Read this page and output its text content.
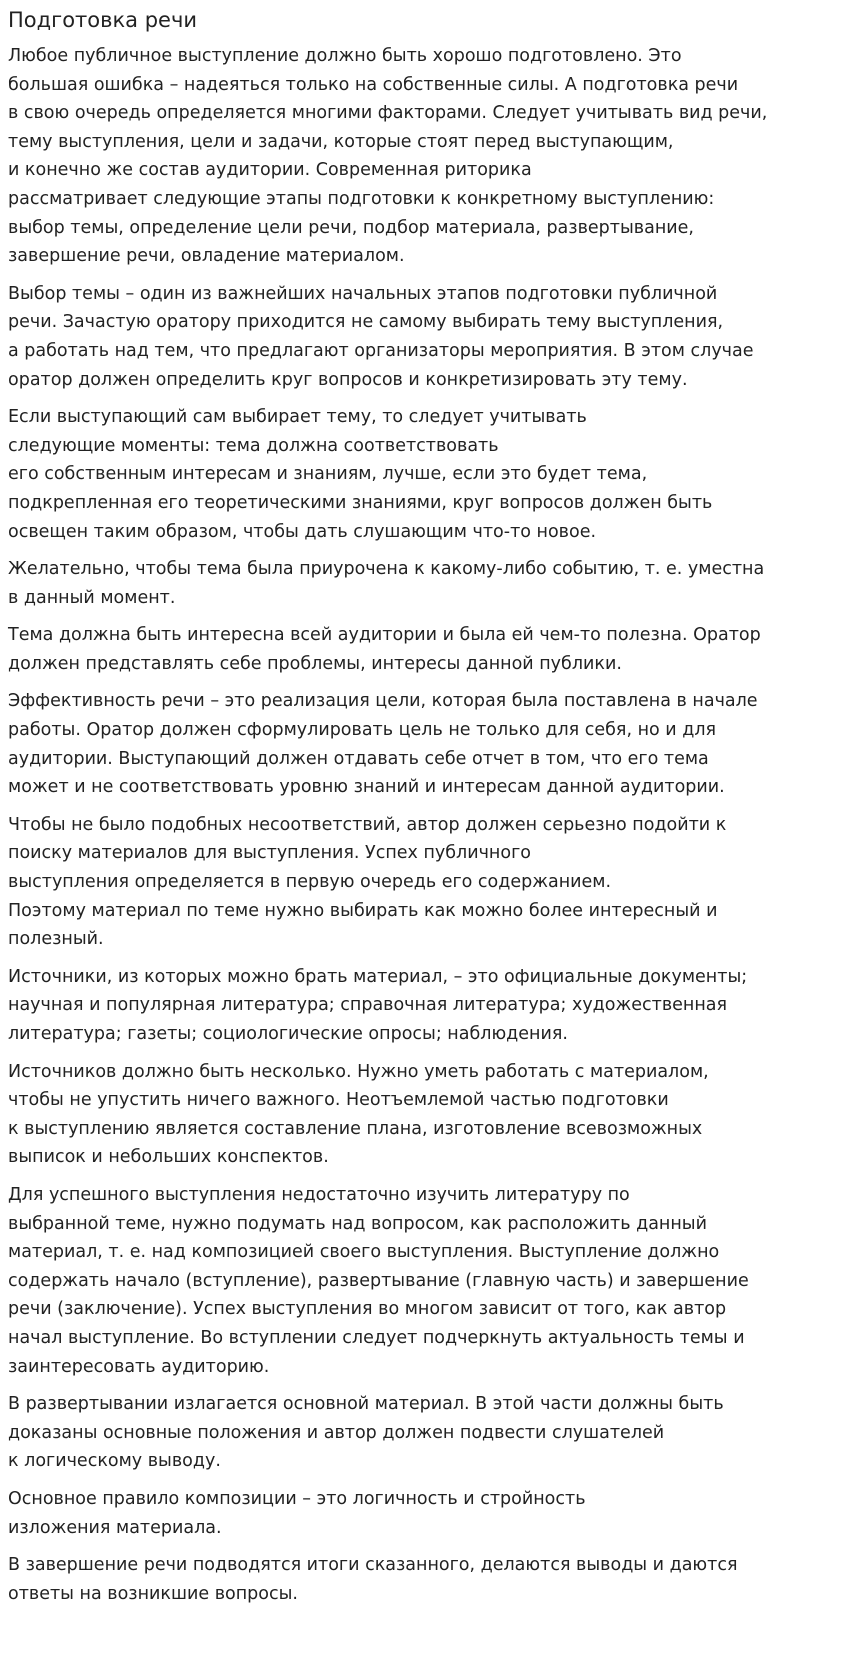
Подготовка речи

Любое публичное выступление должно быть хорошо подготовлено. Это
большая ошибка – надеяться только на собственные силы. А подготовка речи
в свою очередь определяется многими факторами. Следует учитывать вид речи,
тему выступления, цели и задачи, которые стоят перед выступающим,
и конечно же состав аудитории. Современная риторика
рассматривает следующие этапы подготовки к конкретному выступлению:
выбор темы, определение цели речи, подбор материала, развертывание,
завершение речи, овладение материалом.

Выбор темы – один из важнейших начальных этапов подготовки публичной
речи. Зачастую оратору приходится не самому выбирать тему выступления,
а работать над тем, что предлагают организаторы мероприятия. В этом случае
оратор должен определить круг вопросов и конкретизировать эту тему.

Если выступающий сам выбирает тему, то следует учитывать
следующие моменты: тема должна соответствовать
его собственным интересам и знаниям, лучше, если это будет тема,
подкрепленная его теоретическими знаниями, круг вопросов должен быть
освещен таким образом, чтобы дать слушающим что-то новое.

Желательно, чтобы тема была приурочена к какому-либо событию, т. е. уместна
в данный момент.

Тема должна быть интересна всей аудитории и была ей чем-то полезна. Оратор
должен представлять себе проблемы, интересы данной публики.

Эффективность речи – это реализация цели, которая была поставлена в начале
работы. Оратор должен сформулировать цель не только для себя, но и для
аудитории. Выступающий должен отдавать себе отчет в том, что его тема
может и не соответствовать уровню знаний и интересам данной аудитории.

Чтобы не было подобных несоответствий, автор должен серьезно подойти к
поиску материалов для выступления. Успех публичного
выступления определяется в первую очередь его содержанием.
Поэтому материал по теме нужно выбирать как можно более интересный и
полезный.

Источники, из которых можно брать материал, – это официальные документы;
научная и популярная литература; справочная литература; художественная
литература; газеты; социологические опросы; наблюдения.

Источников должно быть несколько. Нужно уметь работать с материалом,
чтобы не упустить ничего важного. Неотъемлемой частью подготовки
к выступлению является составление плана, изготовление всевозможных
выписок и небольших конспектов.

Для успешного выступления недостаточно изучить литературу по
выбранной теме, нужно подумать над вопросом, как расположить данный
материал, т. е. над композицией своего выступления. Выступление должно
содержать начало (вступление), развертывание (главную часть) и завершение
речи (заключение). Успех выступления во многом зависит от того, как автор
начал выступление. Во вступлении следует подчеркнуть актуальность темы и
заинтересовать аудиторию.

В развертывании излагается основной материал. В этой части должны быть
доказаны основные положения и автор должен подвести слушателей
к логическому выводу.

Основное правило композиции – это логичность и стройность
изложения материала.

В завершение речи подводятся итоги сказанного, делаются выводы и даются
ответы на возникшие вопросы.
